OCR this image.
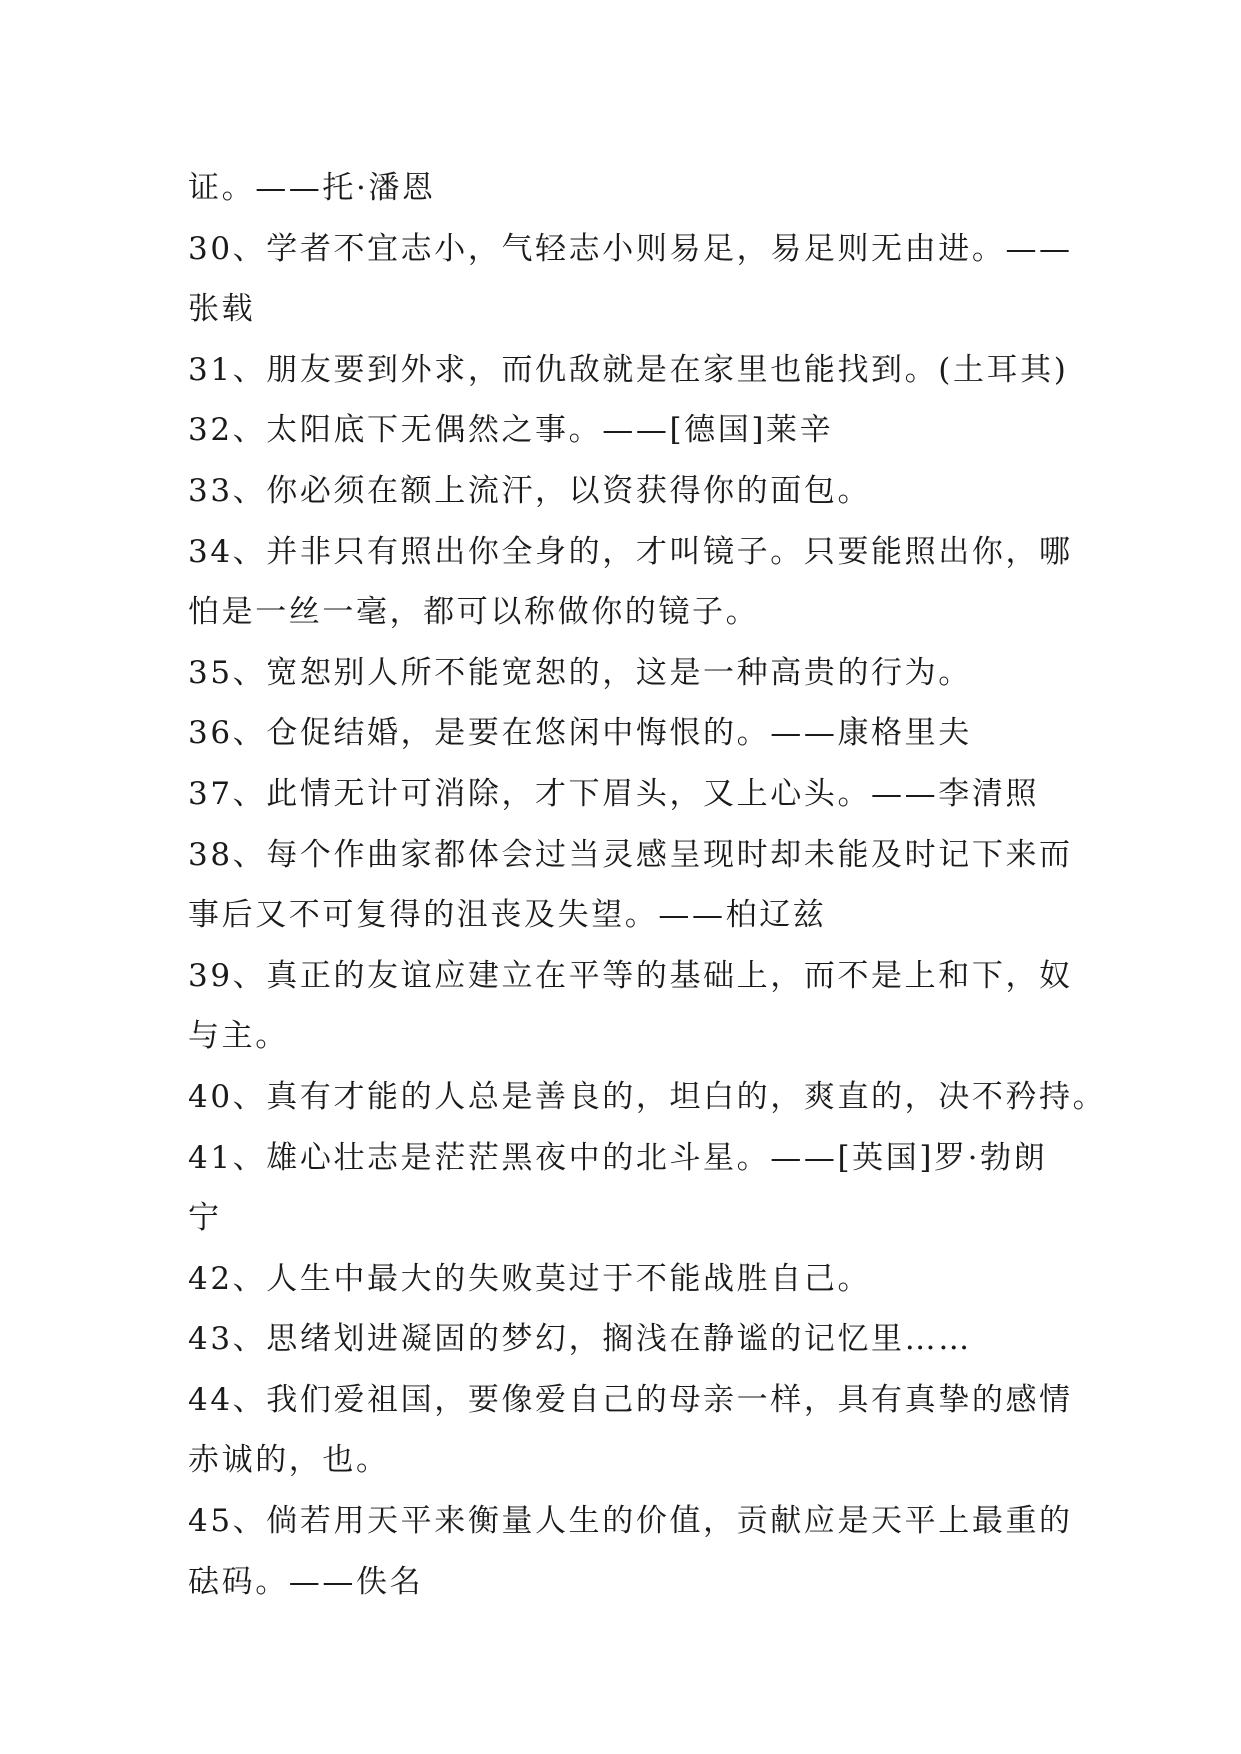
证。——托·潘恩
30、学者不宜志小，气轻志小则易足，易足则无由进。——
张载
31、朋友要到外求，而仇敌就是在家里也能找到。(土耳其)
32、太阳底下无偶然之事。——[德国]莱辛
33、你必须在额上流汗，以资获得你的面包。
34、并非只有照出你全身的，才叫镜子。只要能照出你，哪
怕是一丝一毫，都可以称做你的镜子。
35、宽恕别人所不能宽恕的，这是一种高贵的行为。
36、仓促结婚，是要在悠闲中悔恨的。——康格里夫
37、此情无计可消除，才下眉头，又上心头。——李清照
38、每个作曲家都体会过当灵感呈现时却未能及时记下来而
事后又不可复得的沮丧及失望。——柏辽兹
39、真正的友谊应建立在平等的基础上，而不是上和下，奴
与主。
40、真有才能的人总是善良的，坦白的，爽直的，决不矜持。
41、雄心壮志是茫茫黑夜中的北斗星。——[英国]罗·勃朗
宁
42、人生中最大的失败莫过于不能战胜自己。
43、思绪划进凝固的梦幻，搁浅在静谧的记忆里……
44、我们爱祖国，要像爱自己的母亲一样，具有真挚的感情
赤诚的，也。
45、倘若用天平来衡量人生的价值，贡献应是天平上最重的
砝码。——佚名
